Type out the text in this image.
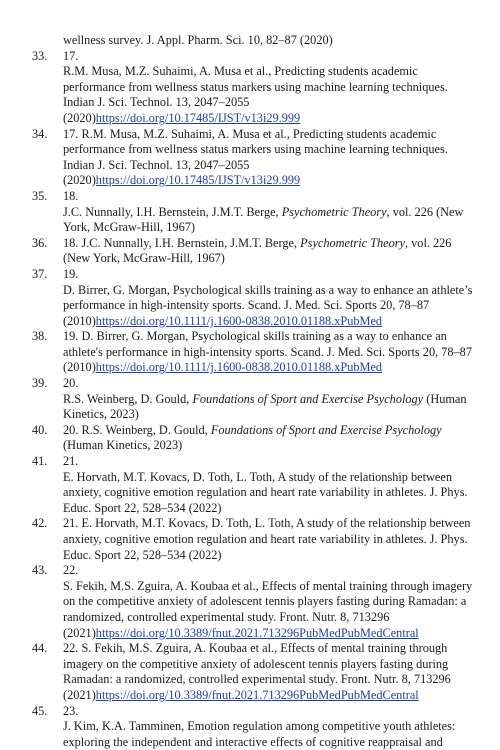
wellness survey. J. Appl. Pharm. Sci. 10, 82–87 (2020)
33. 17.
R.M. Musa, M.Z. Suhaimi, A. Musa et al., Predicting students academic
performance from wellness status markers using machine learning techniques.
Indian J. Sci. Technol. 13, 2047–2055
(2020)https://doi.org/10.17485/IJST/v13i29.999
34. 17. R.M. Musa, M.Z. Suhaimi, A. Musa et al., Predicting students academic
performance from wellness status markers using machine learning techniques.
Indian J. Sci. Technol. 13, 2047–2055
(2020)https://doi.org/10.17485/IJST/v13i29.999
35. 18.
J.C. Nunnally, I.H. Bernstein, J.M.T. Berge, Psychometric Theory, vol. 226 (New
York, McGraw-Hill, 1967)
36. 18. J.C. Nunnally, I.H. Bernstein, J.M.T. Berge, Psychometric Theory, vol. 226
(New York, McGraw-Hill, 1967)
37. 19.
D. Birrer, G. Morgan, Psychological skills training as a way to enhance an athlete’s
performance in high-intensity sports. Scand. J. Med. Sci. Sports 20, 78–87
(2010)https://doi.org/10.1111/j.1600-0838.2010.01188.xPubMed
38. 19. D. Birrer, G. Morgan, Psychological skills training as a way to enhance an
athlete's performance in high-intensity sports. Scand. J. Med. Sci. Sports 20, 78–87
(2010)https://doi.org/10.1111/j.1600-0838.2010.01188.xPubMed
39. 20.
R.S. Weinberg, D. Gould, Foundations of Sport and Exercise Psychology (Human
Kinetics, 2023)
40. 20. R.S. Weinberg, D. Gould, Foundations of Sport and Exercise Psychology
(Human Kinetics, 2023)
41. 21.
E. Horvath, M.T. Kovacs, D. Toth, L. Toth, A study of the relationship between
anxiety, cognitive emotion regulation and heart rate variability in athletes. J. Phys.
Educ. Sport 22, 528–534 (2022)
42. 21. E. Horvath, M.T. Kovacs, D. Toth, L. Toth, A study of the relationship between
anxiety, cognitive emotion regulation and heart rate variability in athletes. J. Phys.
Educ. Sport 22, 528–534 (2022)
43. 22.
S. Fekih, M.S. Zguira, A. Koubaa et al., Effects of mental training through imagery
on the competitive anxiety of adolescent tennis players fasting during Ramadan: a
randomized, controlled experimental study. Front. Nutr. 8, 713296
(2021)https://doi.org/10.3389/fnut.2021.713296PubMedPubMedCentral
44. 22. S. Fekih, M.S. Zguira, A. Koubaa et al., Effects of mental training through
imagery on the competitive anxiety of adolescent tennis players fasting during
Ramadan: a randomized, controlled experimental study. Front. Nutr. 8, 713296
(2021)https://doi.org/10.3389/fnut.2021.713296PubMedPubMedCentral
45. 23.
J. Kim, K.A. Tamminen, Emotion regulation among competitive youth athletes:
exploring the independent and interactive effects of cognitive reappraisal and
